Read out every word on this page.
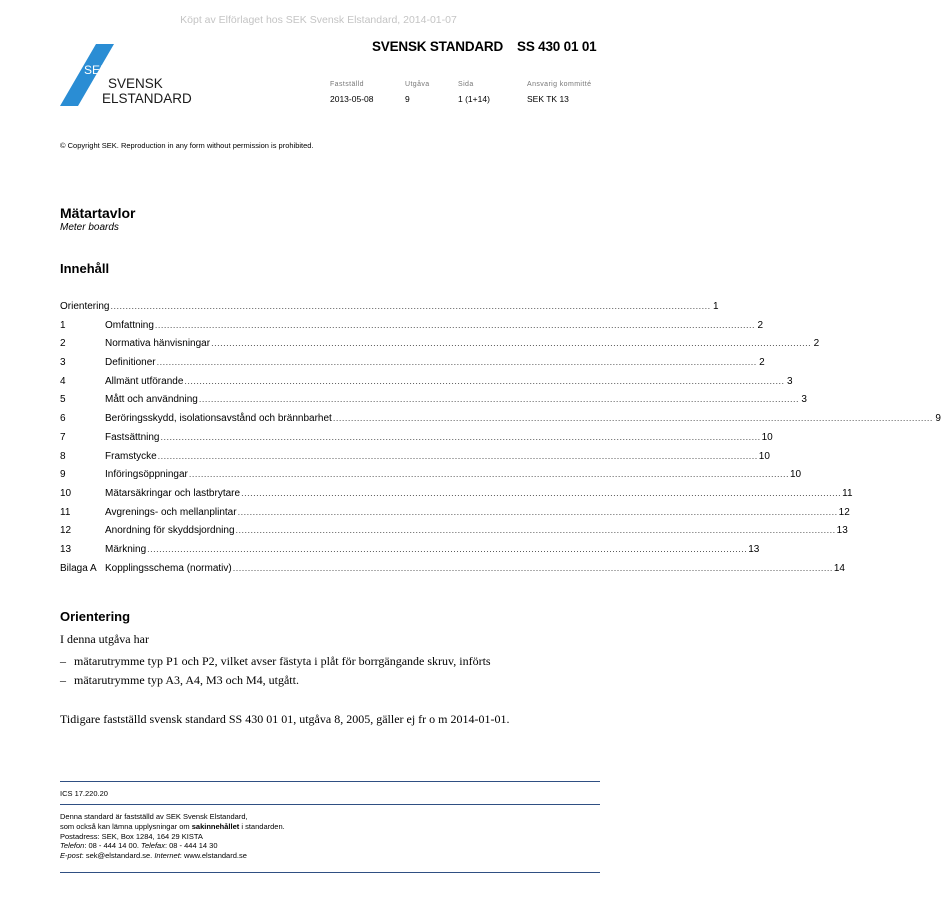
Köpt av Elförlaget hos SEK Svensk Elstandard, 2014-01-07
SEK
SVENSK
ELSTANDARD
SVENSK STANDARD SS 430 01 01
Fastställd	Utgåva	Sida	Ansvarig kommitté
2013-05-08	9	1 (1+14)	SEK TK 13
© Copyright SEK. Reproduction in any form without permission is prohibited.
Mätartavlor
Meter boards
Innehåll
Orientering ........................................................................................................................................................................................................ 1
1	Omfattning ........................................................................................................................................................................................................ 2
2	Normativa hänvisningar ........................................................................................................................................................................................................ 2
3	Definitioner ........................................................................................................................................................................................................ 2
4	Allmänt utförande ........................................................................................................................................................................................................ 3
5	Mått och användning ........................................................................................................................................................................................................ 3
6	Beröringsskydd, isolationsavstånd och brännbarhet ........................................................................................................................................................................................................ 9
7	Fastsättning ........................................................................................................................................................................................................ 10
8	Framstycke ........................................................................................................................................................................................................ 10
9	Införingsöppningar ........................................................................................................................................................................................................ 10
10	Mätarsäkringar och lastbrytare ........................................................................................................................................................................................................ 11
11	Avgrenings- och mellanplintar ........................................................................................................................................................................................................ 12
12	Anordning för skyddsjordning ........................................................................................................................................................................................................ 13
13	Märkning ........................................................................................................................................................................................................ 13
Bilaga A Kopplingsschema (normativ) ........................................................................................................................................................................................................ 14
Orientering
I denna utgåva har
– mätarutrymme typ P1 och P2, vilket avser fästyta i plåt för borrgängande skruv, införts
– mätarutrymme typ A3, A4, M3 och M4, utgått.
Tidigare fastställd svensk standard SS 430 01 01, utgåva 8, 2005, gäller ej fr o m 2014-01-01.
ICS 17.220.20
Denna standard är fastställd av SEK Svensk Elstandard,
som också kan lämna upplysningar om sakinnehållet i standarden.
Postadress: SEK, Box 1284, 164 29 KISTA
Telefon: 08 - 444 14 00. Telefax: 08 - 444 14 30
E-post: sek@elstandard.se. Internet: www.elstandard.se
